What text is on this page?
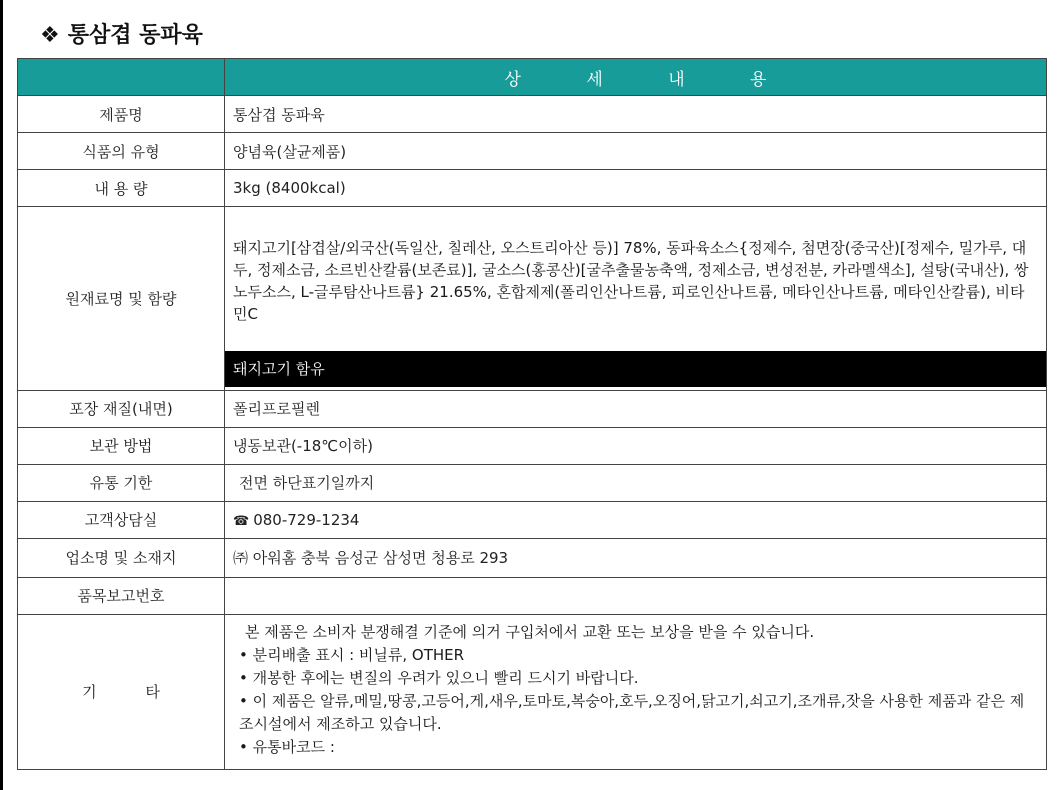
❖ 통삼겹 동파육
	상 세 내 용
제품명	통삼겹 동파육
식품의 유형	양념육(살균제품)
내 용 량	3kg (8400kcal)
원재료명 및 함량	돼지고기[삼겹살/외국산(독일산, 칠레산, 오스트리아산 등)] 78%, 동파육소스{정제수, 첨면장(중국산)[정제수, 밀가루, 대두, 정제소금, 소르빈산칼륨(보존료)], 굴소스(홍콩산)[굴추출물농축액, 정제소금, 변성전분, 카라멜색소], 설탕(국내산), 쌍노두소스, L-글루탐산나트륨} 21.65%, 혼합제제(폴리인산나트륨, 피로인산나트륨, 메타인산나트륨, 메타인산칼륨), 비타민C
돼지고기 함유

포장 재질(내면)	폴리프로필렌
보관 방법	냉동보관(-18℃이하)
유통 기한	전면 하단표기일까지
고객상담실	☎ 080-729-1234
업소명 및 소재지	㈜ 아워홈 충북 음성군 삼성면 청용로 293
품목보고번호	
기 타	본 제품은 소비자 분쟁해결 기준에 의거 구입처에서 교환 또는 보상을 받을 수 있습니다.

• 분리배출 표시 : 비닐류, OTHER

• 개봉한 후에는 변질의 우려가 있으니 빨리 드시기 바랍니다.

• 이 제품은 알류,메밀,땅콩,고등어,게,새우,토마토,복숭아,호두,오징어,닭고기,쇠고기,조개류,잣을 사용한 제품과 같은 제조시설에서 제조하고 있습니다.

• 유통바코드 :
